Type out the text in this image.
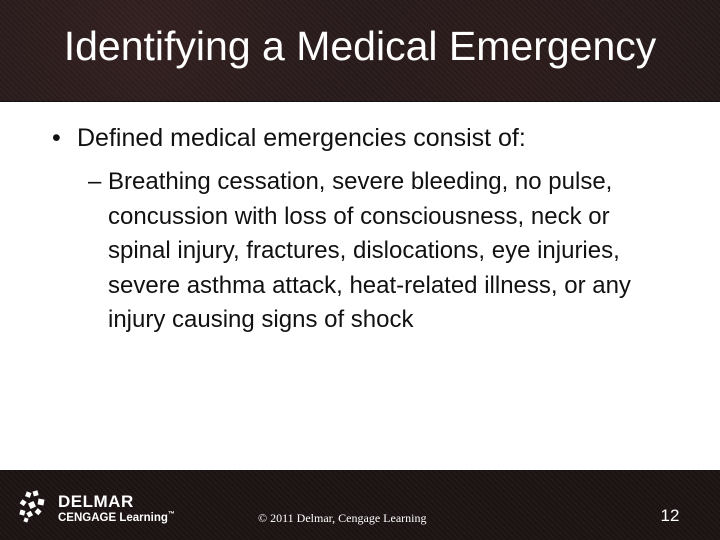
Identifying a Medical Emergency
• Defined medical emergencies consist of:
– Breathing cessation, severe bleeding, no pulse, concussion with loss of consciousness, neck or spinal injury, fractures, dislocations, eye injuries, severe asthma attack, heat-related illness, or any injury causing signs of shock
DELMAR
CENGAGE Learning™	© 2011 Delmar, Cengage Learning	12
